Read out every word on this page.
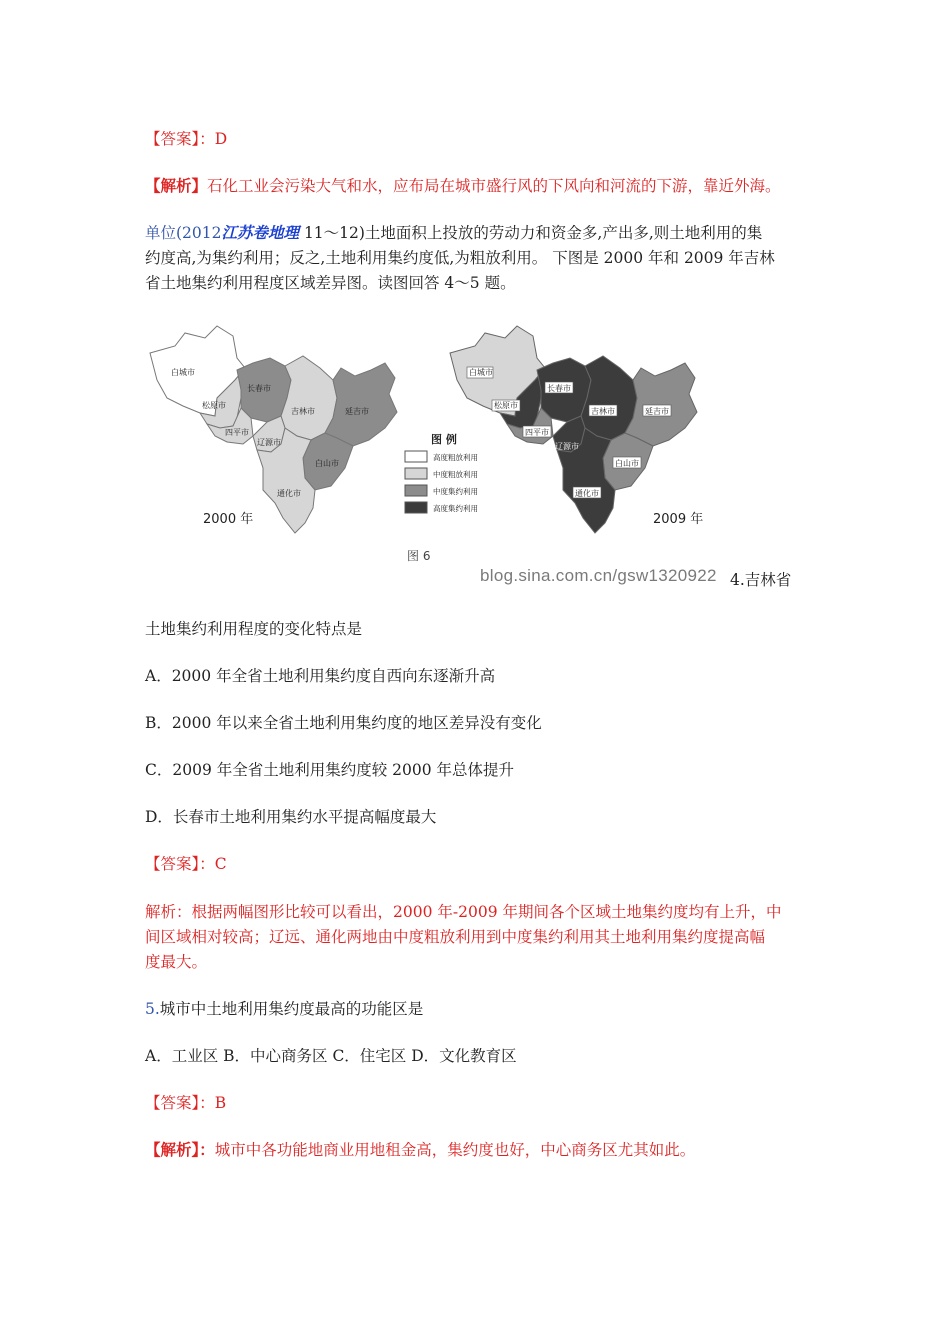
【答案】：D

【解析】石化工业会污染大气和水，应布局在城市盛行风的下风向和河流的下游，靠近外海。

单位(2012江苏卷地理 11～12)土地面积上投放的劳动力和资金多,产出多,则土地利用的集

约度高,为集约利用；反之,土地利用集约度低,为粗放利用。 下图是 2000 年和 2009 年吉林

省土地集约利用程度区域差异图。读图回答 4～5 题。

白城市
松原市
长春市
吉林市	延吉市
四平市
辽源市
白山市
通化市
2000 年
图 例
高度粗放利用
中度粗放利用
中度集约利用
高度集约利用
白城市
松原市
长春市
吉林市	延吉市
四平市
辽源市
白山市
通化市
2009 年
图 6
blog.sina.com.cn/gsw1320922 4.吉林省

土地集约利用程度的变化特点是

A．2000 年全省土地利用集约度自西向东逐渐升高

B．2000 年以来全省土地利用集约度的地区差异没有变化

C．2009 年全省土地利用集约度较 2000 年总体提升

D．长春市土地利用集约水平提高幅度最大

【答案】：C

解析：根据两幅图形比较可以看出，2000 年-2009 年期间各个区域土地集约度均有上升，中

间区域相对较高；辽远、通化两地由中度粗放利用到中度集约利用其土地利用集约度提高幅

度最大。

5.城市中土地利用集约度最高的功能区是

A．工业区 B．中心商务区 C．住宅区 D．文化教育区

【答案】：B

【解析】：城市中各功能地商业用地租金高，集约度也好，中心商务区尤其如此。
